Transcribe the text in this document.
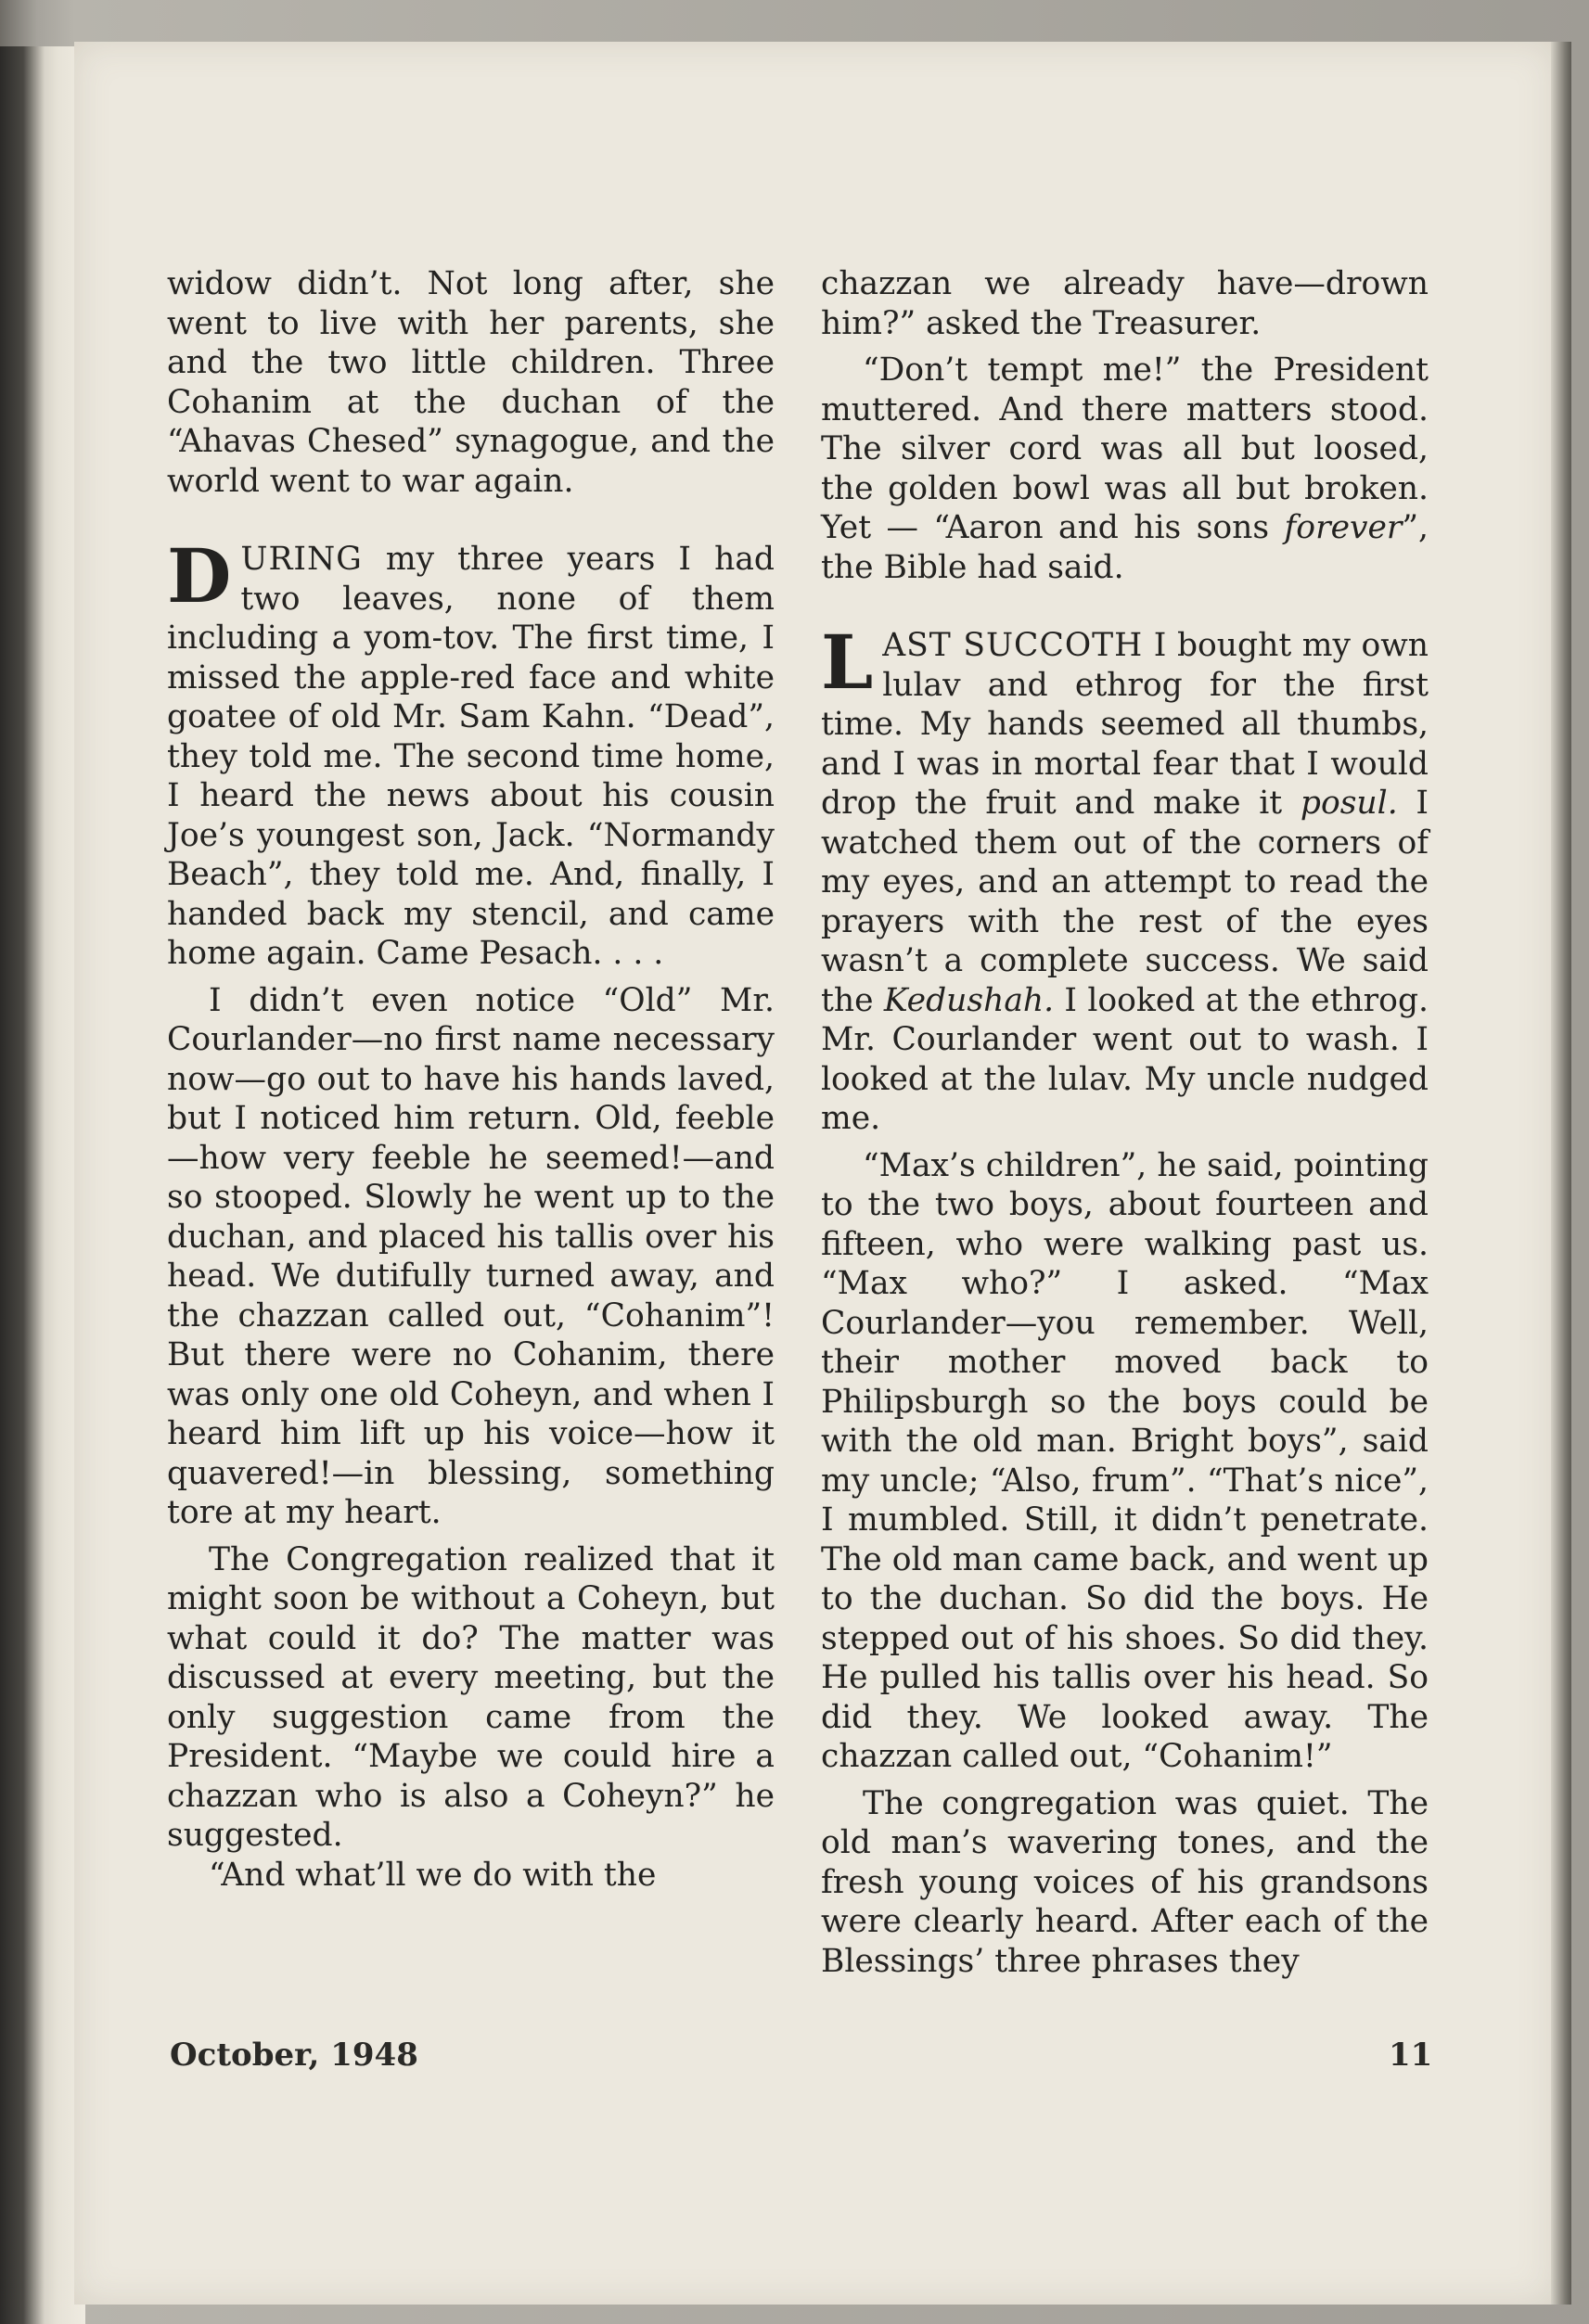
widow didn’t. Not long after, she went to live with her parents, she and the two little children. Three Cohanim at the duchan of the “Ahavas Chesed” synagogue, and the world went to war again.

DURING my three years I had two leaves, none of them including a yom-tov. The first time, I missed the apple-red face and white goatee of old Mr. Sam Kahn. “Dead”, they told me. The second time home, I heard the news about his cousin Joe’s youngest son, Jack. “Normandy Beach”, they told me. And, finally, I handed back my stencil, and came home again. Came Pesach. . . .

I didn’t even notice “Old” Mr. Courlander—no first name necessary now—go out to have his hands laved, but I noticed him return. Old, feeble—how very feeble he seemed!—and so stooped. Slowly he went up to the duchan, and placed his tallis over his head. We dutifully turned away, and the chazzan called out, “Cohanim”! But there were no Cohanim, there was only one old Coheyn, and when I heard him lift up his voice—how it quavered!—in blessing, something tore at my heart.

The Congregation realized that it might soon be without a Coheyn, but what could it do? The matter was discussed at every meeting, but the only suggestion came from the President. “Maybe we could hire a chazzan who is also a Coheyn?” he suggested.

“And what’ll we do with the

chazzan we already have—drown him?” asked the Treasurer.

“Don’t tempt me!” the President muttered. And there matters stood. The silver cord was all but loosed, the golden bowl was all but broken. Yet — “Aaron and his sons forever”, the Bible had said.

LAST SUCCOTH I bought my own lulav and ethrog for the first time. My hands seemed all thumbs, and I was in mortal fear that I would drop the fruit and make it posul. I watched them out of the corners of my eyes, and an attempt to read the prayers with the rest of the eyes wasn’t a complete success. We said the Kedushah. I looked at the ethrog. Mr. Courlander went out to wash. I looked at the lulav. My uncle nudged me.

“Max’s children”, he said, pointing to the two boys, about fourteen and fifteen, who were walking past us. “Max who?” I asked. “Max Courlander—you remember. Well, their mother moved back to Philipsburgh so the boys could be with the old man. Bright boys”, said my uncle; “Also, frum”. “That’s nice”, I mumbled. Still, it didn’t penetrate. The old man came back, and went up to the duchan. So did the boys. He stepped out of his shoes. So did they. He pulled his tallis over his head. So did they. We looked away. The chazzan called out, “Cohanim!”

The congregation was quiet. The old man’s wavering tones, and the fresh young voices of his grandsons were clearly heard. After each of the Blessings’ three phrases they

October, 1948	11
